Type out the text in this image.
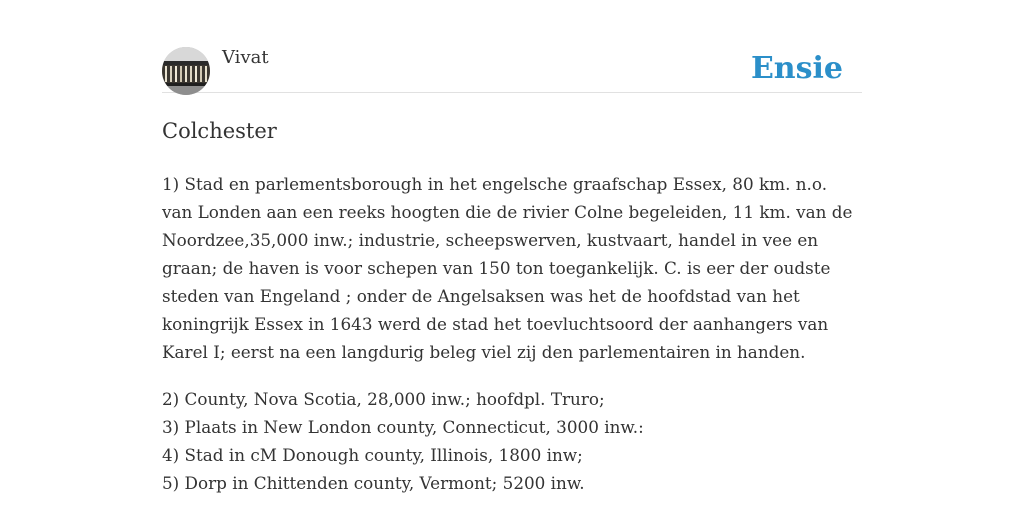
Vivat	Ensie
Colchester

1) Stad en parlementsborough in het engelsche graafschap Essex, 80 km. n.o. van Londen aan een reeks hoogten die de rivier Colne begeleiden, 11 km. van de Noordzee,35,000 inw.; industrie, scheepswerven, kustvaart, handel in vee en graan; de haven is voor schepen van 150 ton toegankelijk. C. is eer der oudste steden van Engeland ; onder de Angelsaksen was het de hoofdstad van het koningrijk Essex in 1643 werd de stad het toevluchtsoord der aanhangers van Karel I; eerst na een langdurig beleg viel zij den parlementairen in handen.

2) County, Nova Scotia, 28,000 inw.; hoofdpl. Truro;
3) Plaats in New London county, Connecticut, 3000 inw.:
4) Stad in cM Donough county, Illinois, 1800 inw;
5) Dorp in Chittenden county, Vermont; 5200 inw.
